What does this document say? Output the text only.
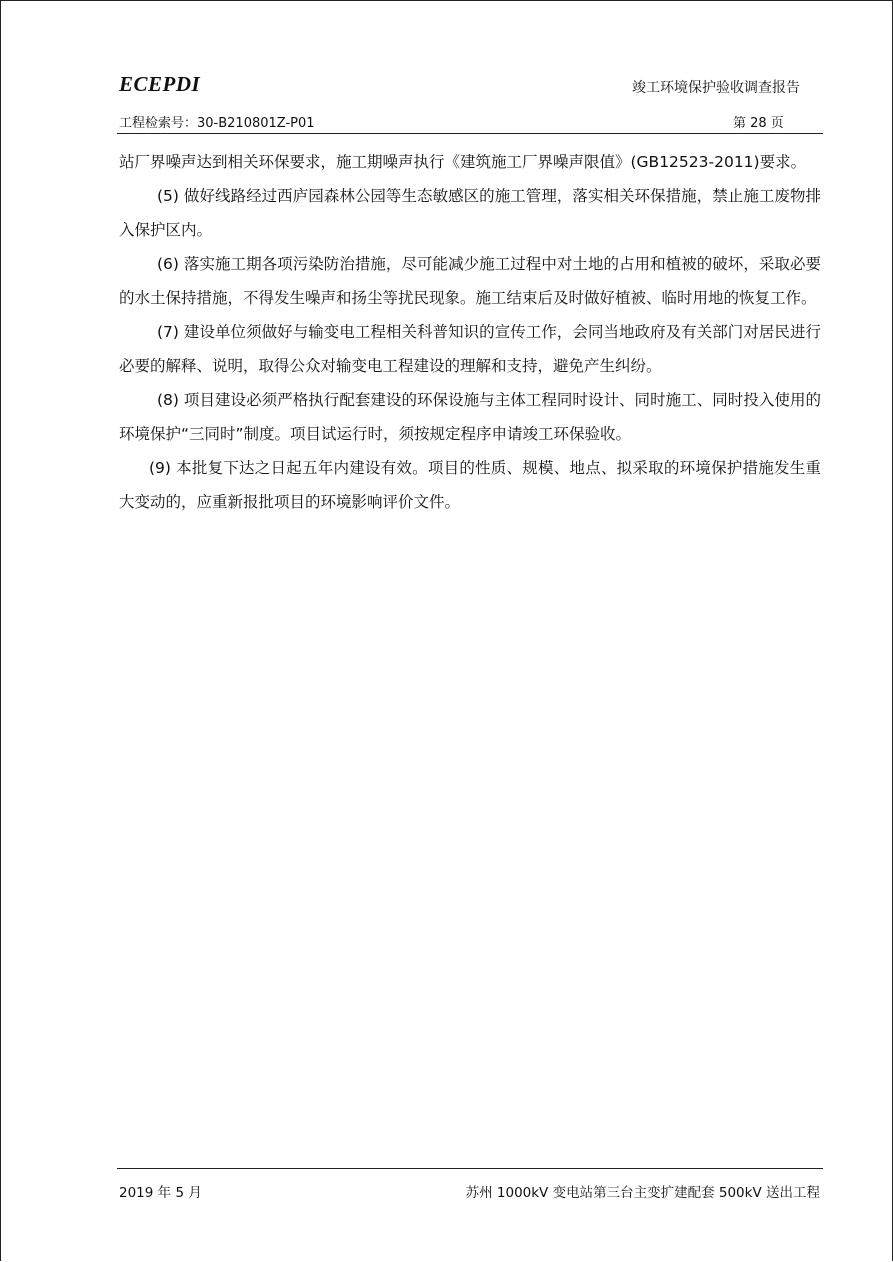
ECEPDI	竣工环境保护验收调查报告
工程检索号：30-B210801Z-P01	第 28 页

站厂界噪声达到相关环保要求，施工期噪声执行《建筑施工厂界噪声限值》(GB12523-2011)要求。

(5) 做好线路经过西庐园森林公园等生态敏感区的施工管理，落实相关环保措施，禁止施工废物排入保护区内。

(6) 落实施工期各项污染防治措施，尽可能减少施工过程中对土地的占用和植被的破坏，采取必要的水土保持措施，不得发生噪声和扬尘等扰民现象。施工结束后及时做好植被、临时用地的恢复工作。

(7) 建设单位须做好与输变电工程相关科普知识的宣传工作，会同当地政府及有关部门对居民进行必要的解释、说明，取得公众对输变电工程建设的理解和支持，避免产生纠纷。

(8) 项目建设必须严格执行配套建设的环保设施与主体工程同时设计、同时施工、同时投入使用的环境保护“三同时”制度。项目试运行时，须按规定程序申请竣工环保验收。

(9) 本批复下达之日起五年内建设有效。项目的性质、规模、地点、拟采取的环境保护措施发生重大变动的，应重新报批项目的环境影响评价文件。

2019 年 5 月	苏州 1000kV 变电站第三台主变扩建配套 500kV 送出工程
